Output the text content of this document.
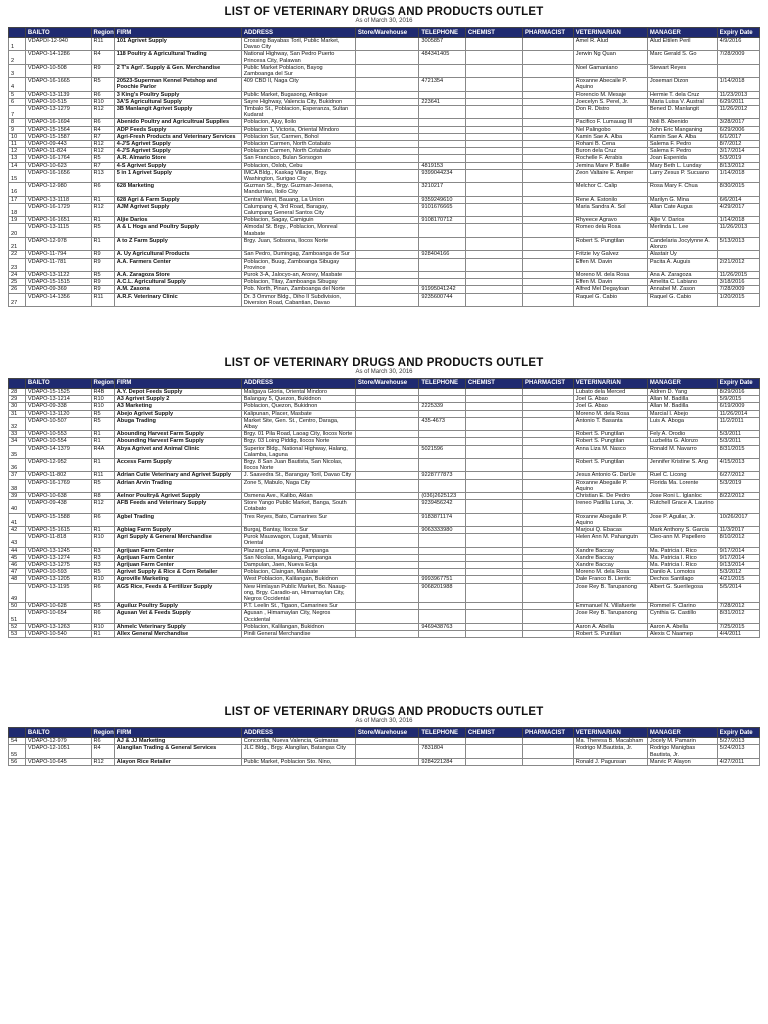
LIST OF VETERINARY DRUGS AND PRODUCTS OUTLET
As of March 30, 2016
	BAILTO	Region	FIRM	ADDRESS	Store/Warehouse	TELEPHONE	CHEMIST	PHARMACIST	VETERINARIAN	MANAGER	Expiry Date
1	VDAPDI-12-940	R11	101 Agrivet Supply	Crossing Bayabas Toril, Public Market, Davao City		3005857			Amel R. Alud	Alud Eltilen Peril	4/9/2016
2	VDAPO-14-1286	R4	118 Poultry & Agricultural Trading	National Highway, San Pedro Puerto Princesa City, Palawan		484341405			Jerwin Ng Quan	Marc Gerald S. Go	7/28/2009
3	VDAPO-10-508	R9	2 T's Agri'. Supply & Gen. Merchandise	Public Market Poblacion, Bayog Zamboanga del Sur					Noel Gamaniano	Stewart Reyes	
4	VDAPO-16-1665	R5	20523-Superman Kennel Petshop and Poochie Parlor	409 CBD II, Naga City		4721354			Roxanne Abecaile P. Aquino	Josemari Dizon	1/14/2018
5	VDAPO-13-1139	R6	3 King's Poultry Supply	Public Market, Bugasong, Antique					Florencio M. Mesaje	Hermie T. dela Cruz	11/23/2013
6	VDAPO-10-515	R10	3A'S Agricultural Supply	Sayre Highway, Valencia City, Bukidnon		223641			Joecelyn S. Perel, Jr.	Maria Luisa V. Austral	6/29/2011
7	VDAPO-13-1279	R12	3B Manlangit Agrivet Supply	Timbalo St., Poblacion, Esperanza, Sultan Kudarat					Don R. Distro	Bened D. Manlangit	11/26/2012
8	VDAPO-16-1694	R6	Abenido Poultry and Agricultrual Supplies	Poblacion, Ajuy, Iloilo					Pacifico F. Lumauag III	Noli B. Abenido	3/28/2017
9	VDAPO-15-1564	R4	ADP Feeds Supply	Poblacion 1, Victoria, Oriental Mindoro					Nel Palingobo	John Eric Manganing	6/29/2006
10	VDAPO-15-1587	R7	Agri-Fresh Products and Veterinary Services	Poblacion Sur, Carmen, Bohol					Kamin Sae A. Alba	Kamin Sae A. Alba	6/1/2017
11	VDAPO-09-443	R12	4-J'S Agrivet Supply	Poblacion Carmen, North Cotabato					Rohani B. Cena	Salema F. Pedro	8/7/2012
12	VDAPO-11-824	R12	4-J'S Agrivet Supply	Poblacion Carmen, North Cotabato					Buron dela Cruz	Salema F. Pedro	3/17/2014
13	VDAPO-16-1764	R5	A.R. Almario Store	San Francisco, Bulan Sorsogon					Rochelle F. Arrabis	Joan Espenida	5/3/2019
14	VDAPO-10-623	R7	4-S Agrivet Supply	Poblacion, Oslob, Cebu		4819153			Jemina Mare P. Baille	Mary Beth L. Lunday	8/13/2012
15	VDAPO-16-1656	R13	5 in 1 Agrivet Supply	IMCA Bldg., Kaskag Village, Brgy. Washington, Surigao City		9399044234			Zeon Valtaire E. Amper	Larry Zesus P. Sucuano	1/14/2018
16	VDAPO-12-980	R6	628 Marketing	Guzman St., Brgy. Guzman-Jesena, Mandurriao, Iloilo City		3210217			Melchor C. Calip	Rosa Mary F. Chua	8/30/2015
17	VDAPO-13-1118	R1	628 Agri & Farm Supply	Central West, Bauang, La Union		9359249610			Rene A. Estonilo	Marilyn G. Mina	6/6/2014
18	VDAPO-16-1729	R12	AJM Agrivet Supply	Calumpang 4, 3rd Road, Baragay, Calumpang General Santos City		9101676665			Maria Sandra A. Sol	Allan Cate Augus	4/29/2017
19	VDAPO-16-1651	R1	Aljie Darios	Poblacion, Sagay, Camiguin		9108170712			Rhyeece Agravo	Aljie V. Darios	1/14/2018
20	VDAPO-13-1115	R5	A & L Hogs and Poultry Supply	Almodal St. Brgy., Poblacion, Monreal Masbate					Romeo dela Rosa	Merlinda L. Lee	11/26/2013
21	VDAPO-12-978	R1	A to Z Farm Supply	Brgy. Juan, Sobsona, Ilocos Norte					Robert S. Pungtilan	Candelaria Jocylynne A. Alonzo	5/13/2013
22	VDAPO-11-794	R9	A. Uy Agricultural Products	San Pedro, Dumingag, Zamboanga de Sur		928404166			Fritzie Ivy Galvez	Alastair Uy	
23	VDAPO-11-781	R9	A.A. Farmers Center	Poblacion, Buug, Zamboanga Sibugay Province					Effen M. Davin	Pacita A. Auguis	2/21/2012
24	VDAPO-13-1122	R5	A.A. Zaragoza Store	Purok 3-A, Jalocyo-an, Arorey, Masbate					Moreno M. dela Rosa	Ana A. Zaragoza	11/26/2015
25	VDAPO-15-1515	R9	A.C.L. Agricultural Supply	Poblacion, Titay, Zamboanga Sibugay					Effen M. Davin	Amelita C. Labiano	3/18/2016
26	VDAPO-09-369	R9	A.M. Zasona	Pob. North, Pinan, Zamboanga del Norte		91995041242			Alfred Mel Degayloan	Annabel M. Zason	7/28/2009
27	VDAPO-14-1356	R11	A.R.F. Veterinary Clinic	Dr. 3 Ommor Bldg., Diho II Subdivision, Diversion Road, Cabantian, Davao		9235600744			Raquel G. Cabio	Raquel G. Cabio	1/20/2015
LIST OF VETERINARY DRUGS AND PRODUCTS OUTLET
As of March 30, 2016
	BAILTO	Region	FIRM	ADDRESS	Store/Warehouse	TELEPHONE	CHEMIST	PHARMACIST	VETERINARIAN	MANAGER	Expiry Date
28	VDAPO-15-1525	R4B	A.Y. Depot Feeds Supply	Maligaya Gloria, Oriental Mindoro					Lubato dela Merced	Aldren D. Yang	8/29/2016
29	VDAPO-13-1214	R10	A3 Agrivet Supply 2	Balangay 5, Quezon, Bukidnon					Joel G. Abao	Allan M. Badilla	5/9/2015
30	VDAPO-09-338	R10	A3 Marketing	Poblacion, Quezon, Bukidnon		2225339			Joel G. Abao	Allan M. Badilla	6/19/2009
31	VDAPO-13-1120	R5	Abejo Agrivet Supply	Kalipunan, Placer, Masbate					Moreno M. dela Rosa	Marcial I. Abejo	11/26/2014
32	VDAPO-10-507	R5	Abuga Trading	Market Site, Gen. St., Centro, Daraga, Albay		435-4673			Antonio T. Basanta	Luis A. Aboga	11/2/2011
33	VDAPO-10-553	R1	Abounding Harvest Farm Supply	Brgy. 01 Pila Road, Laoag City, Ilocos Norte					Robert S. Pungtilan	Fely A. Orodio	5/3/2011
34	VDAPO-10-554	R1	Abounding Harvest Farm Supply	Brgy. 03 Loing Piddig, Ilocos Norte					Robert S. Pungtilan	Luzbelita G. Alonzo	5/3/2011
35	VDAPO-14-1379	R4A	Abya Agrivet and Animal Clinic	Superior Bldg., National Highway, Halang, Calamba, Laguna		5021596			Anna Liza M. Nasco	Ronald M. Navarro	8/31/2015
36	VDAPO-12-952	R1	Access Farm Supply	Brgy. 8 San Juan Bautista, San Nicolas, Ilocos Norte					Robert S. Pungtilan	Jennifer Kristine S. Ang	4/15/2013
37	VDAPO-11-802	R11	Adrian Cutie Veterinary and Agrivet Supply	J. Saavedra St., Barangay Toril, Davao City		9228777873			Jesus Antonio G. DarUe	Ruel C. Licong	6/27/2012
38	VDAPO-16-1769	R5	Adrian Arvin Trading	Zone 5, Mabulo, Naga City					Roxanne Abegaile P. Aquino	Florida Ma. Lorente	5/3/2019
39	VDAPO-10-638	R8	Aelnor Poultry& Agrivet Supply	Osmena Ave., Kalibo, Aklan		(036)2625123			Christian E. De Pedro	Jose Roni L. Iglanloc	8/22/2012
40	VDAPO-09-438	R12	AFB Feeds and Veterinary Supply	Store Yango Public Market, Banga, South Cotabato		9239456242			Ireneo Padilla Luna, Jr.	Rutchell Grace A. Laurino	
41	VDAPO-15-1588	R6	Agbel Trading	Tres Reyes, Bato, Camarines Sur		9183871174			Roxanne Abegaile P. Aquino	Jose P. Aguilar, Jr.	10/26/2017
42	VDAPO-15-1615	R1	Agbiag Farm Supply	Burgaj, Bantay, Ilocos Sur		9063333980			Marjoui Q. Ebacas	Mark Anthony S. Garcia	11/3/2017
43	VDAPO-11-818	R10	Agri Supply & General Merchandise	Purok Mauswagon, Lugait, Misamis Oriental					Helen Ann M. Pahangutn	Cleo-ann M. Papellero	8/10/2012
44	VDAPO-13-1245	R3	Agrijuan Farm Center	Plazang Luma, Arayat, Pampanga					Xandre Baccay	Ma. Patricia I. Rico	9/17/2014
45	VDAPO-13-1274	R3	Agrijuan Farm Center	San Nicolas, Magalang, Pampanga					Xandre Baccay	Ma. Patricia I. Rico	9/17/2014
46	VDAPO-13-1275	R3	Agrijuan Farm Center	Dampulan, Jaen, Nueva Ecija					Xandre Baccay	Ma. Patricia I. Rico	9/13/2014
47	VDAPO-10-593	R5	Agrivet Supply & Rice & Corn Retailer	Poblacion, Claingan, Masbate					Moreno M. dela Rosa	Danilo A. Lomotos	5/3/2012
48	VDAPO-13-1205	R10	Agroville Marketing	West Poblacion, Kalilangan, Bukidnon		9993967751			Dale Franco B. Lientic	Dechos Santilago	4/21/2015
49	VDAPO-13-1195	R6	AGS Rice, Feeds & Fertilizer Supply	New Himlayan Public Market, Bo. Naaug-ong, Brgy. Caradio-an, Himamaylan City, Negros Occidental		9068201988			Jose Rey B. Tarupanong	Albert G. Suerilegosa	5/5/2014
50	VDAPO-10-628	R5	Aguiluz Poultry Supply	P.T. Leelin St., Tigaon, Camarines Sur					Emmanuel N. Villafuerte	Rommel F. Clarino	7/28/2012
51	VDAPO-10-654	R6	Agusan Vet & Feeds Supply	Agusan , Himamaylan City, Negros Occidental					Jose Rey B. Tarupanong	Cynthia G. Castillo	8/31/2012
52	VDAPO-13-1263	R10	Ahmelc Veterinary Supply	Poblacion, Kalilangan, Bukidnon		9469438763			Aaron A. Abella	Aaron A. Abella	7/25/2015
53	VDAPO-10-540	R1	Allex General Merchandise	Pinili General Merchandise					Robert S. Puntilan	Alexis C Naamep	4/4/2011
LIST OF VETERINARY DRUGS AND PRODUCTS OUTLET
As of March 30, 2016
	BAILTO	Region	FIRM	ADDRESS	Store/Warehouse	TELEPHONE	CHEMIST	PHARMACIST	VETERINARIAN	MANAGER	Expiry Date
54	VDAPO-12-979	R6	AJ & JJ Marketing	Concordia, Nueva Valencia, Guimaras					Ma. Theresa B. Macabham	Jocely M. Pamarin	5/27/2013
55	VDAPO-12-1051	R4	Alangilan Trading & General Services	JLC Bldg., Brgy. Alangilan, Batangas City		7831804			Rodrigo M.Bautista, Jr.	Rodrigo Manigbas Bautista, Jr.	5/24/2013
56	VDAPO-10-645	R12	Alayon Rice Retailer	Public Market, Poblacion Sto. Nino,		9284221284			Ronald J. Pagunsan	Marvic P. Alayon	4/27/2011
